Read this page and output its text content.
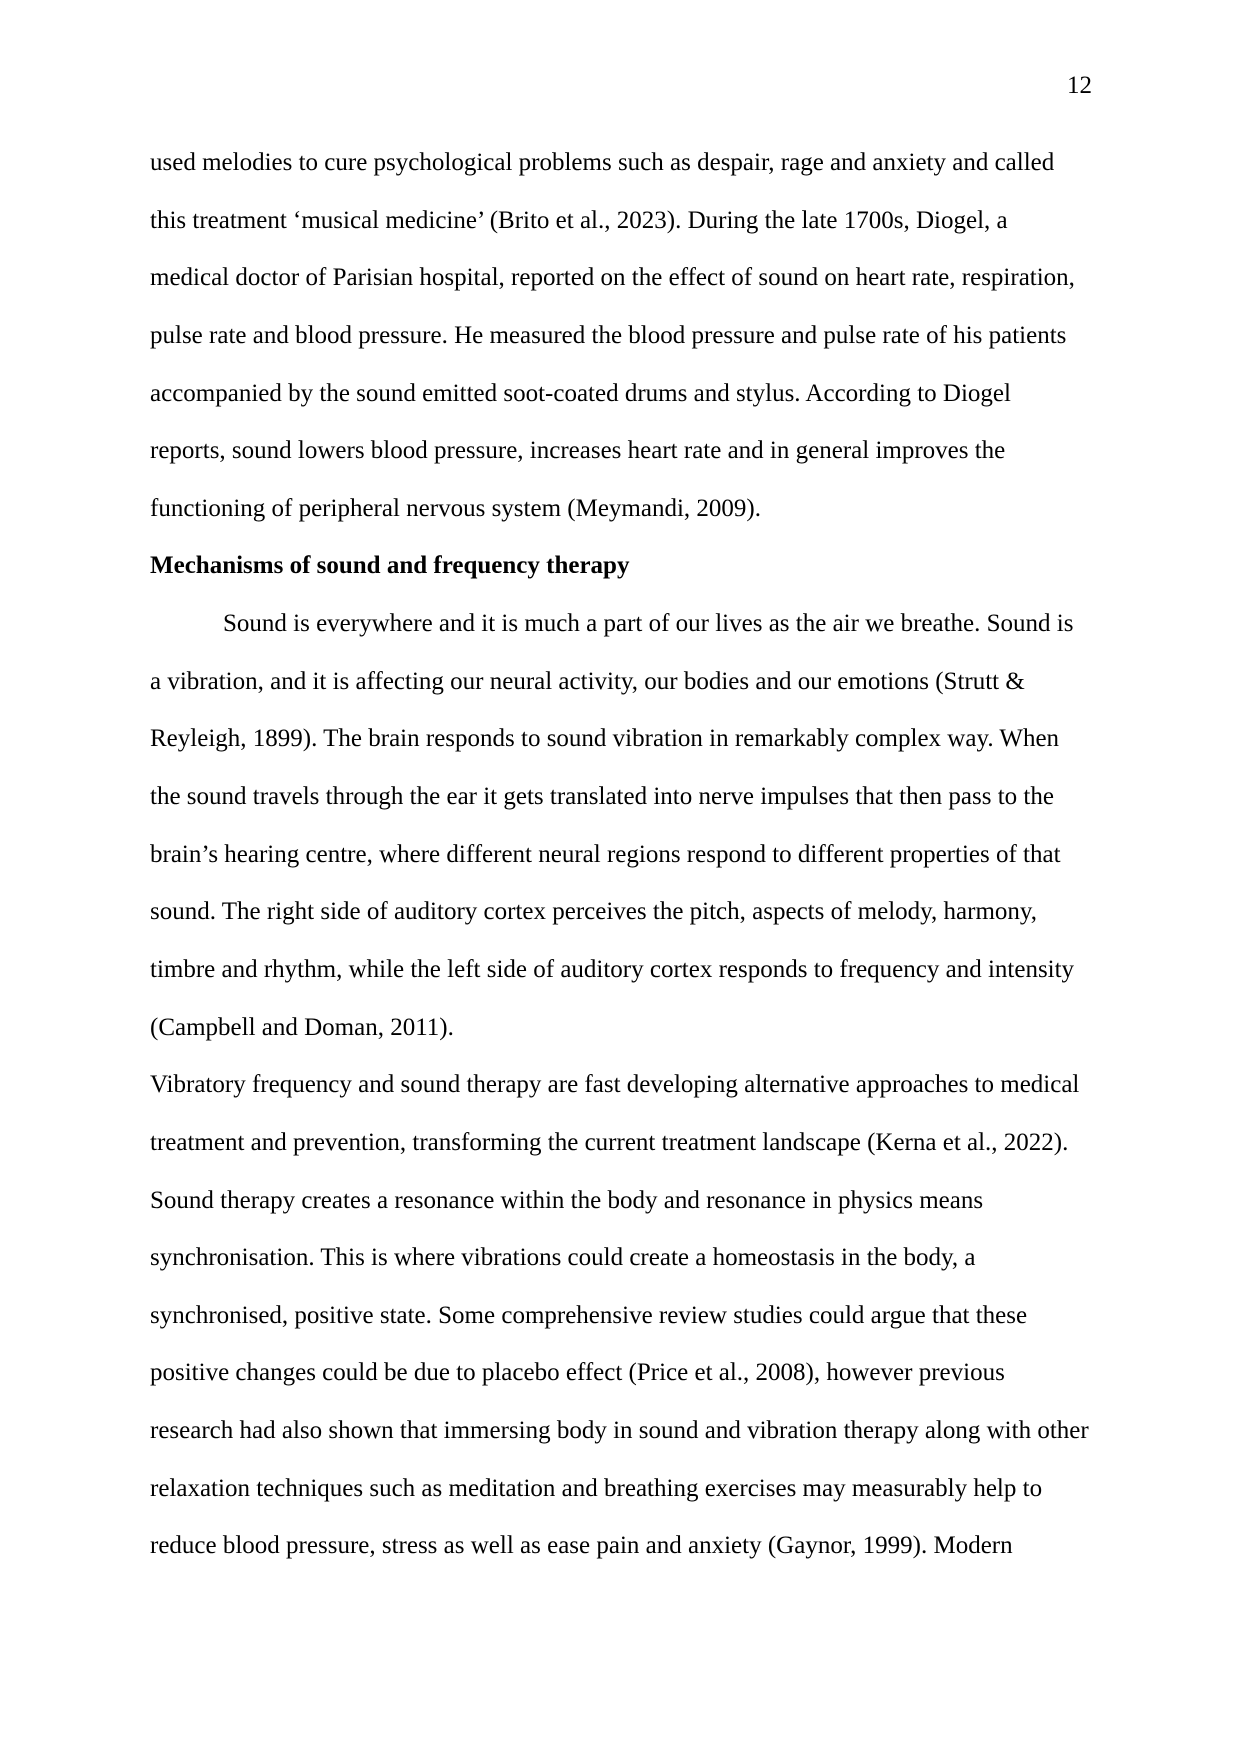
12
used melodies to cure psychological problems such as despair, rage and anxiety and called
this treatment ‘musical medicine’ (Brito et al., 2023). During the late 1700s, Diogel, a
medical doctor of Parisian hospital, reported on the effect of sound on heart rate, respiration,
pulse rate and blood pressure. He measured the blood pressure and pulse rate of his patients
accompanied by the sound emitted soot-coated drums and stylus. According to Diogel
reports, sound lowers blood pressure, increases heart rate and in general improves the
functioning of peripheral nervous system (Meymandi, 2009).
Mechanisms of sound and frequency therapy
Sound is everywhere and it is much a part of our lives as the air we breathe. Sound is
a vibration, and it is affecting our neural activity, our bodies and our emotions (Strutt &
Reyleigh, 1899). The brain responds to sound vibration in remarkably complex way. When
the sound travels through the ear it gets translated into nerve impulses that then pass to the
brain’s hearing centre, where different neural regions respond to different properties of that
sound. The right side of auditory cortex perceives the pitch, aspects of melody, harmony,
timbre and rhythm, while the left side of auditory cortex responds to frequency and intensity
(Campbell and Doman, 2011).
Vibratory frequency and sound therapy are fast developing alternative approaches to medical
treatment and prevention, transforming the current treatment landscape (Kerna et al., 2022).
Sound therapy creates a resonance within the body and resonance in physics means
synchronisation. This is where vibrations could create a homeostasis in the body, a
synchronised, positive state. Some comprehensive review studies could argue that these
positive changes could be due to placebo effect (Price et al., 2008), however previous
research had also shown that immersing body in sound and vibration therapy along with other
relaxation techniques such as meditation and breathing exercises may measurably help to
reduce blood pressure, stress as well as ease pain and anxiety (Gaynor, 1999). Modern
